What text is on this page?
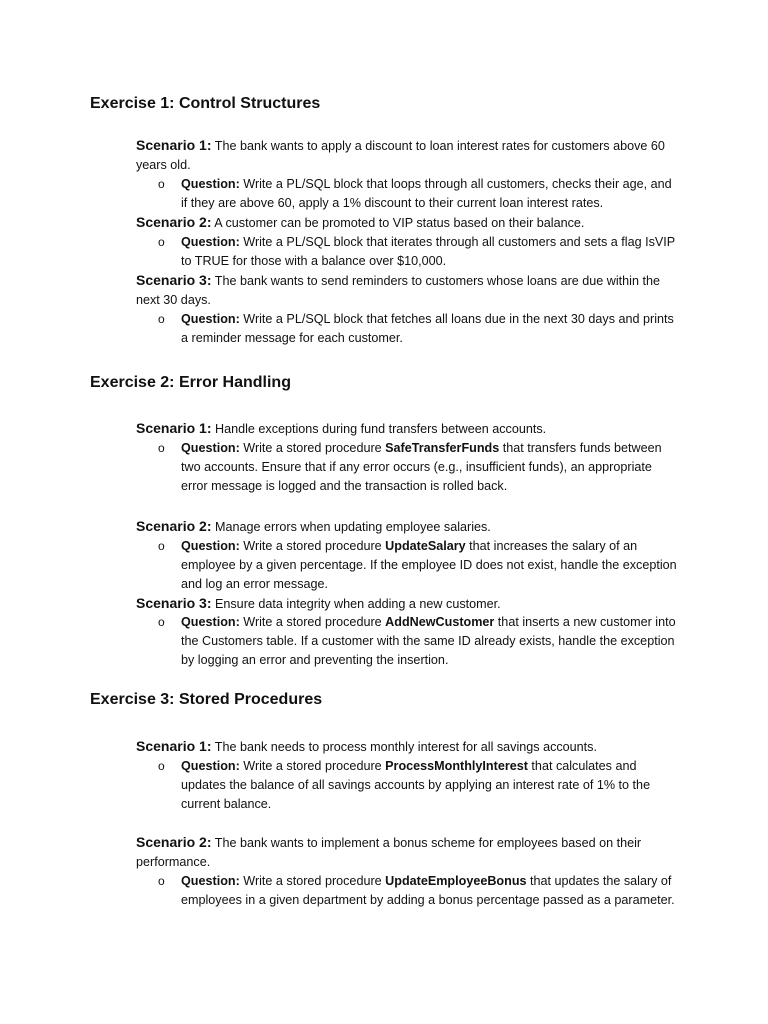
Exercise 1: Control Structures

Scenario 1: The bank wants to apply a discount to loan interest rates for customers above 60 years old.

o Question: Write a PL/SQL block that loops through all customers, checks their age, and if they are above 60, apply a 1% discount to their current loan interest rates.

Scenario 2: A customer can be promoted to VIP status based on their balance.

o Question: Write a PL/SQL block that iterates through all customers and sets a flag IsVIP to TRUE for those with a balance over $10,000.

Scenario 3: The bank wants to send reminders to customers whose loans are due within the next 30 days.

o Question: Write a PL/SQL block that fetches all loans due in the next 30 days and prints a reminder message for each customer.

Exercise 2: Error Handling

Scenario 1: Handle exceptions during fund transfers between accounts.

o Question: Write a stored procedure SafeTransferFunds that transfers funds between two accounts. Ensure that if any error occurs (e.g., insufficient funds), an appropriate error message is logged and the transaction is rolled back.

Scenario 2: Manage errors when updating employee salaries.

o Question: Write a stored procedure UpdateSalary that increases the salary of an employee by a given percentage. If the employee ID does not exist, handle the exception and log an error message.

Scenario 3: Ensure data integrity when adding a new customer.

o Question: Write a stored procedure AddNewCustomer that inserts a new customer into the Customers table. If a customer with the same ID already exists, handle the exception by logging an error and preventing the insertion.

Exercise 3: Stored Procedures

Scenario 1: The bank needs to process monthly interest for all savings accounts.

o Question: Write a stored procedure ProcessMonthlyInterest that calculates and updates the balance of all savings accounts by applying an interest rate of 1% to the current balance.

Scenario 2: The bank wants to implement a bonus scheme for employees based on their performance.

o Question: Write a stored procedure UpdateEmployeeBonus that updates the salary of employees in a given department by adding a bonus percentage passed as a parameter.
